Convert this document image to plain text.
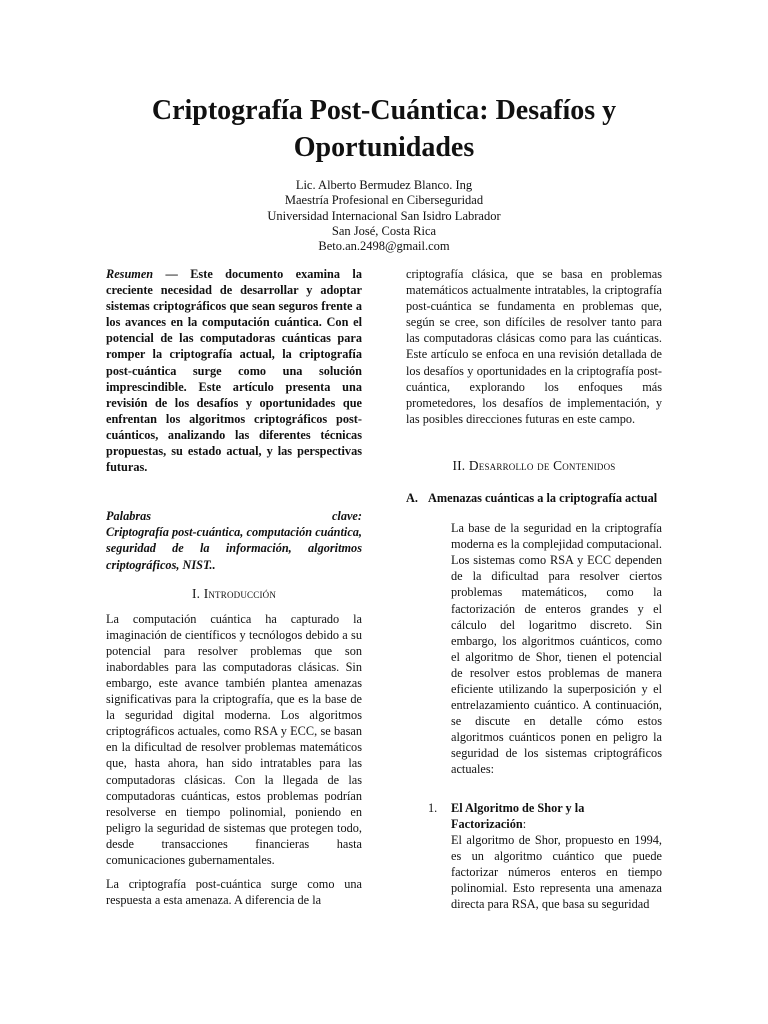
Criptografía Post-Cuántica: Desafíos y
Oportunidades
Lic. Alberto Bermudez Blanco. Ing
Maestría Profesional en Ciberseguridad
Universidad Internacional San Isidro Labrador
San José, Costa Rica
Beto.an.2498@gmail.com

Resumen — Este documento examina la creciente necesidad de desarrollar y adoptar sistemas criptográficos que sean seguros frente a los avances en la computación cuántica. Con el potencial de las computadoras cuánticas para romper la criptografía actual, la criptografía post-cuántica surge como una solución imprescindible. Este artículo presenta una revisión de los desafíos y oportunidades que enfrentan los algoritmos criptográficos post-cuánticos, analizando las diferentes técnicas propuestas, su estado actual, y las perspectivas futuras.

Palabras	clave:

Criptografía post-cuántica, computación cuántica, seguridad de la información, algoritmos criptográficos, NIST..

I. Introducción

La computación cuántica ha capturado la imaginación de científicos y tecnólogos debido a su potencial para resolver problemas que son inabordables para las computadoras clásicas. Sin embargo, este avance también plantea amenazas significativas para la criptografía, que es la base de la seguridad digital moderna. Los algoritmos criptográficos actuales, como RSA y ECC, se basan en la dificultad de resolver problemas matemáticos que, hasta ahora, han sido intratables para las computadoras clásicas. Con la llegada de las computadoras cuánticas, estos problemas podrían resolverse en tiempo polinomial, poniendo en peligro la seguridad de sistemas que protegen todo, desde transacciones financieras hasta comunicaciones gubernamentales.

La criptografía post-cuántica surge como una respuesta a esta amenaza. A diferencia de la

criptografía clásica, que se basa en problemas matemáticos actualmente intratables, la criptografía post-cuántica se fundamenta en problemas que, según se cree, son difíciles de resolver tanto para las computadoras clásicas como para las cuánticas. Este artículo se enfoca en una revisión detallada de los desafíos y oportunidades en la criptografía post-cuántica, explorando los enfoques más prometedores, los desafíos de implementación, y las posibles direcciones futuras en este campo.

II. Desarrollo de Contenidos
A. Amenazas cuánticas a la criptografía actual

La base de la seguridad en la criptografía moderna es la complejidad computacional. Los sistemas como RSA y ECC dependen de la dificultad para resolver ciertos problemas matemáticos, como la factorización de enteros grandes y el cálculo del logaritmo discreto. Sin embargo, los algoritmos cuánticos, como el algoritmo de Shor, tienen el potencial de resolver estos problemas de manera eficiente utilizando la superposición y el entrelazamiento cuántico. A continuación, se discute en detalle cómo estos algoritmos cuánticos ponen en peligro la seguridad de los sistemas criptográficos actuales:

1.	El Algoritmo de Shor y la Factorización:

El algoritmo de Shor, propuesto en 1994, es un algoritmo cuántico que puede factorizar números enteros en tiempo polinomial. Esto representa una amenaza directa para RSA, que basa su seguridad
